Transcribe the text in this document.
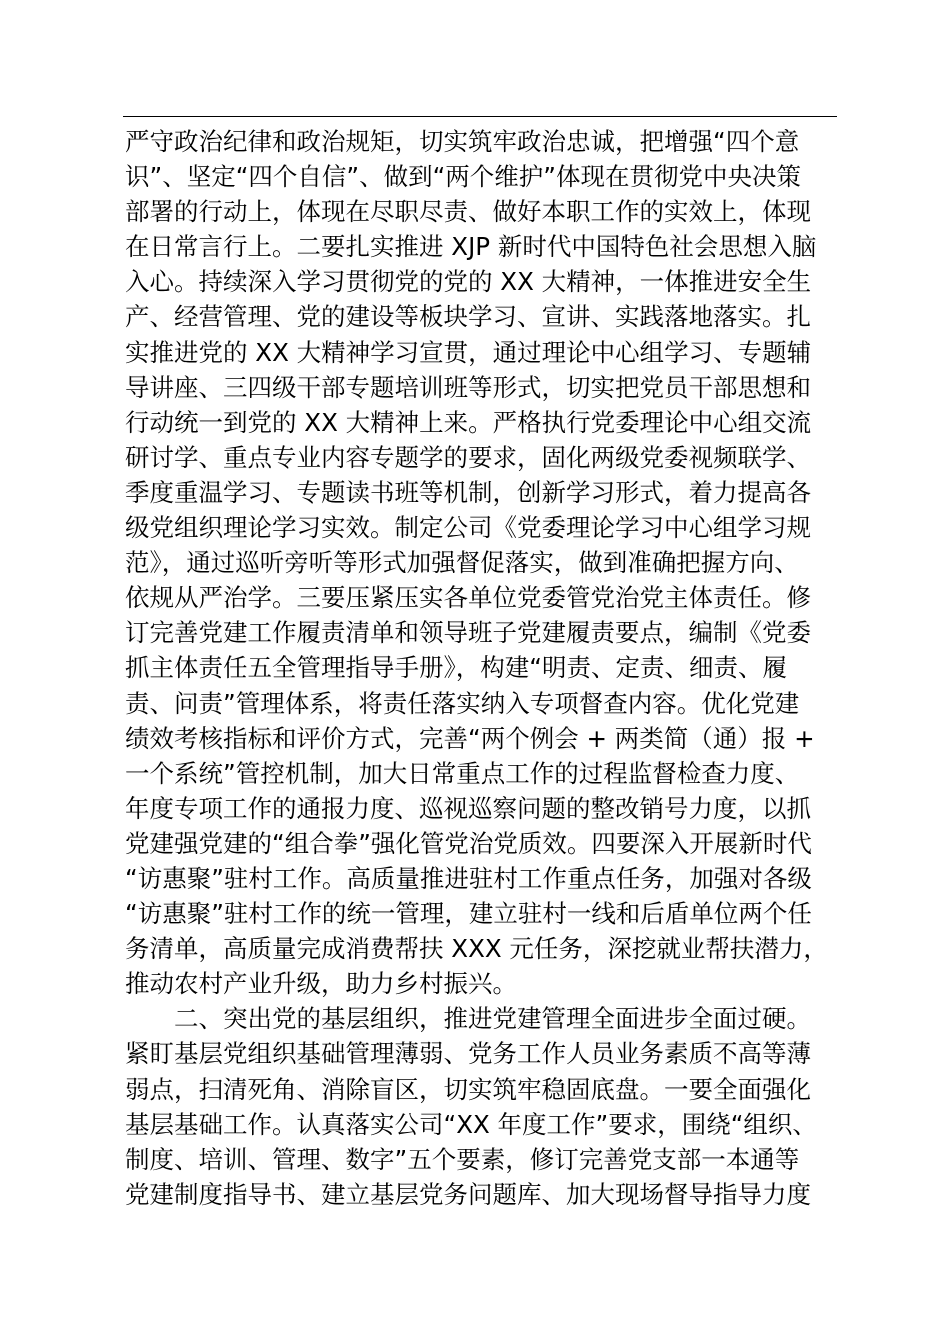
严守政治纪律和政治规矩，切实筑牢政治忠诚，把增强“四个意
识”、坚定“四个自信”、做到“两个维护”体现在贯彻党中央决策
部署的行动上，体现在尽职尽责、做好本职工作的实效上，体现
在日常言行上。二要扎实推进 XJP 新时代中国特色社会思想入脑
入心。持续深入学习贯彻党的党的 XX 大精神，一体推进安全生
产、经营管理、党的建设等板块学习、宣讲、实践落地落实。扎
实推进党的 XX 大精神学习宣贯，通过理论中心组学习、专题辅
导讲座、三四级干部专题培训班等形式，切实把党员干部思想和
行动统一到党的 XX 大精神上来。严格执行党委理论中心组交流
研讨学、重点专业内容专题学的要求，固化两级党委视频联学、
季度重温学习、专题读书班等机制，创新学习形式，着力提高各
级党组织理论学习实效。制定公司《党委理论学习中心组学习规
范》，通过巡听旁听等形式加强督促落实，做到准确把握方向、
依规从严治学。三要压紧压实各单位党委管党治党主体责任。修
订完善党建工作履责清单和领导班子党建履责要点，编制《党委
抓主体责任五全管理指导手册》，构建“明责、定责、细责、履
责、问责”管理体系，将责任落实纳入专项督查内容。优化党建
绩效考核指标和评价方式，完善“两个例会 + 两类简（通）报 +
一个系统”管控机制，加大日常重点工作的过程监督检查力度、
年度专项工作的通报力度、巡视巡察问题的整改销号力度，以抓
党建强党建的“组合拳”强化管党治党质效。四要深入开展新时代
“访惠聚”驻村工作。高质量推进驻村工作重点任务，加强对各级
“访惠聚”驻村工作的统一管理，建立驻村一线和后盾单位两个任
务清单，高质量完成消费帮扶 XXX 元任务，深挖就业帮扶潜力，
推动农村产业升级，助力乡村振兴。
二、突出党的基层组织，推进党建管理全面进步全面过硬。
紧盯基层党组织基础管理薄弱、党务工作人员业务素质不高等薄
弱点，扫清死角、消除盲区，切实筑牢稳固底盘。一要全面强化
基层基础工作。认真落实公司“XX 年度工作”要求，围绕“组织、
制度、培训、管理、数字”五个要素，修订完善党支部一本通等
党建制度指导书、建立基层党务问题库、加大现场督导指导力度
